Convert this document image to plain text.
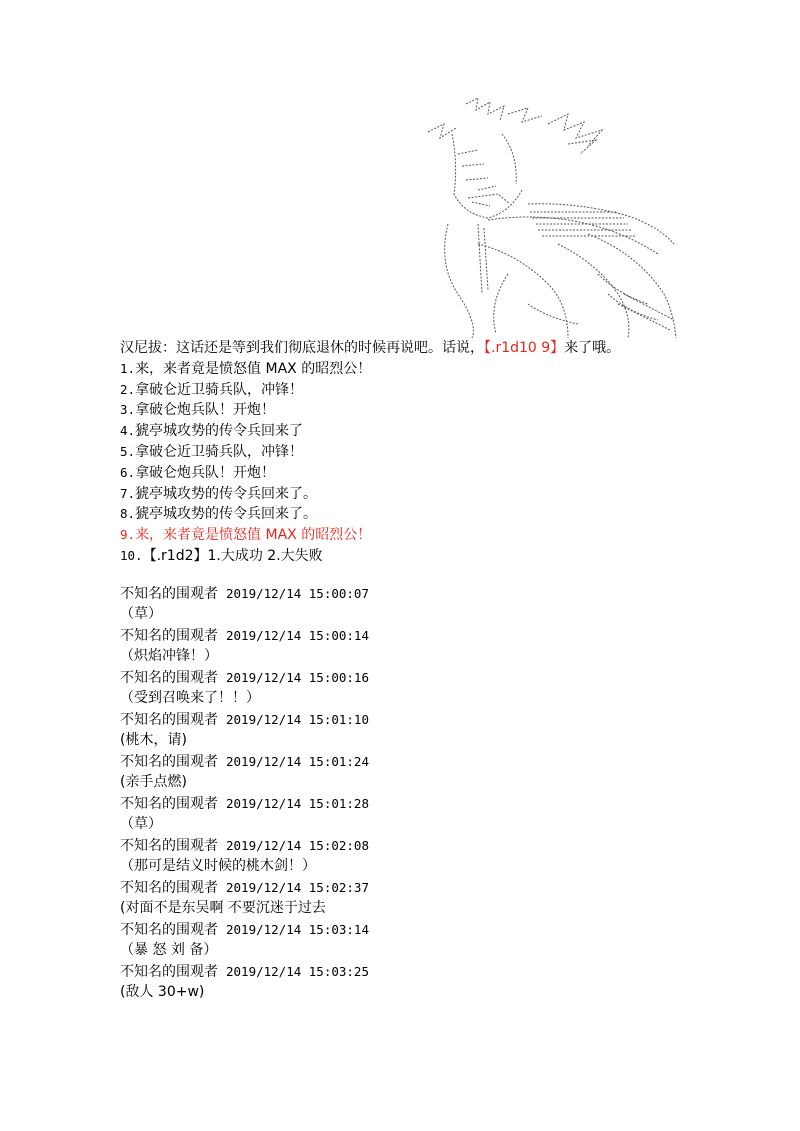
汉尼拔：这话还是等到我们彻底退休的时候再说吧。话说，【.r1d10 9】来了哦。
1.来，来者竟是愤怒值 MAX 的昭烈公！
2.拿破仑近卫骑兵队，冲锋！
3.拿破仑炮兵队！开炮！
4.猇亭城攻势的传令兵回来了
5.拿破仑近卫骑兵队，冲锋！
6.拿破仑炮兵队！开炮！
7.猇亭城攻势的传令兵回来了。
8.猇亭城攻势的传令兵回来了。
9.来，来者竟是愤怒值 MAX 的昭烈公！
10.【.r1d2】1.大成功 2.大失败
不知名的围观者 2019/12/14 15:00:07
（草）
不知名的围观者 2019/12/14 15:00:14
（炽焰冲锋！）
不知名的围观者 2019/12/14 15:00:16
（受到召唤来了！！）
不知名的围观者 2019/12/14 15:01:10
(桃木，请)
不知名的围观者 2019/12/14 15:01:24
(亲手点燃)
不知名的围观者 2019/12/14 15:01:28
（草）
不知名的围观者 2019/12/14 15:02:08
（那可是结义时候的桃木剑！）
不知名的围观者 2019/12/14 15:02:37
(对面不是东吴啊 不要沉迷于过去
不知名的围观者 2019/12/14 15:03:14
（暴 怒 刘 备）
不知名的围观者 2019/12/14 15:03:25
(敌人 30+w)
